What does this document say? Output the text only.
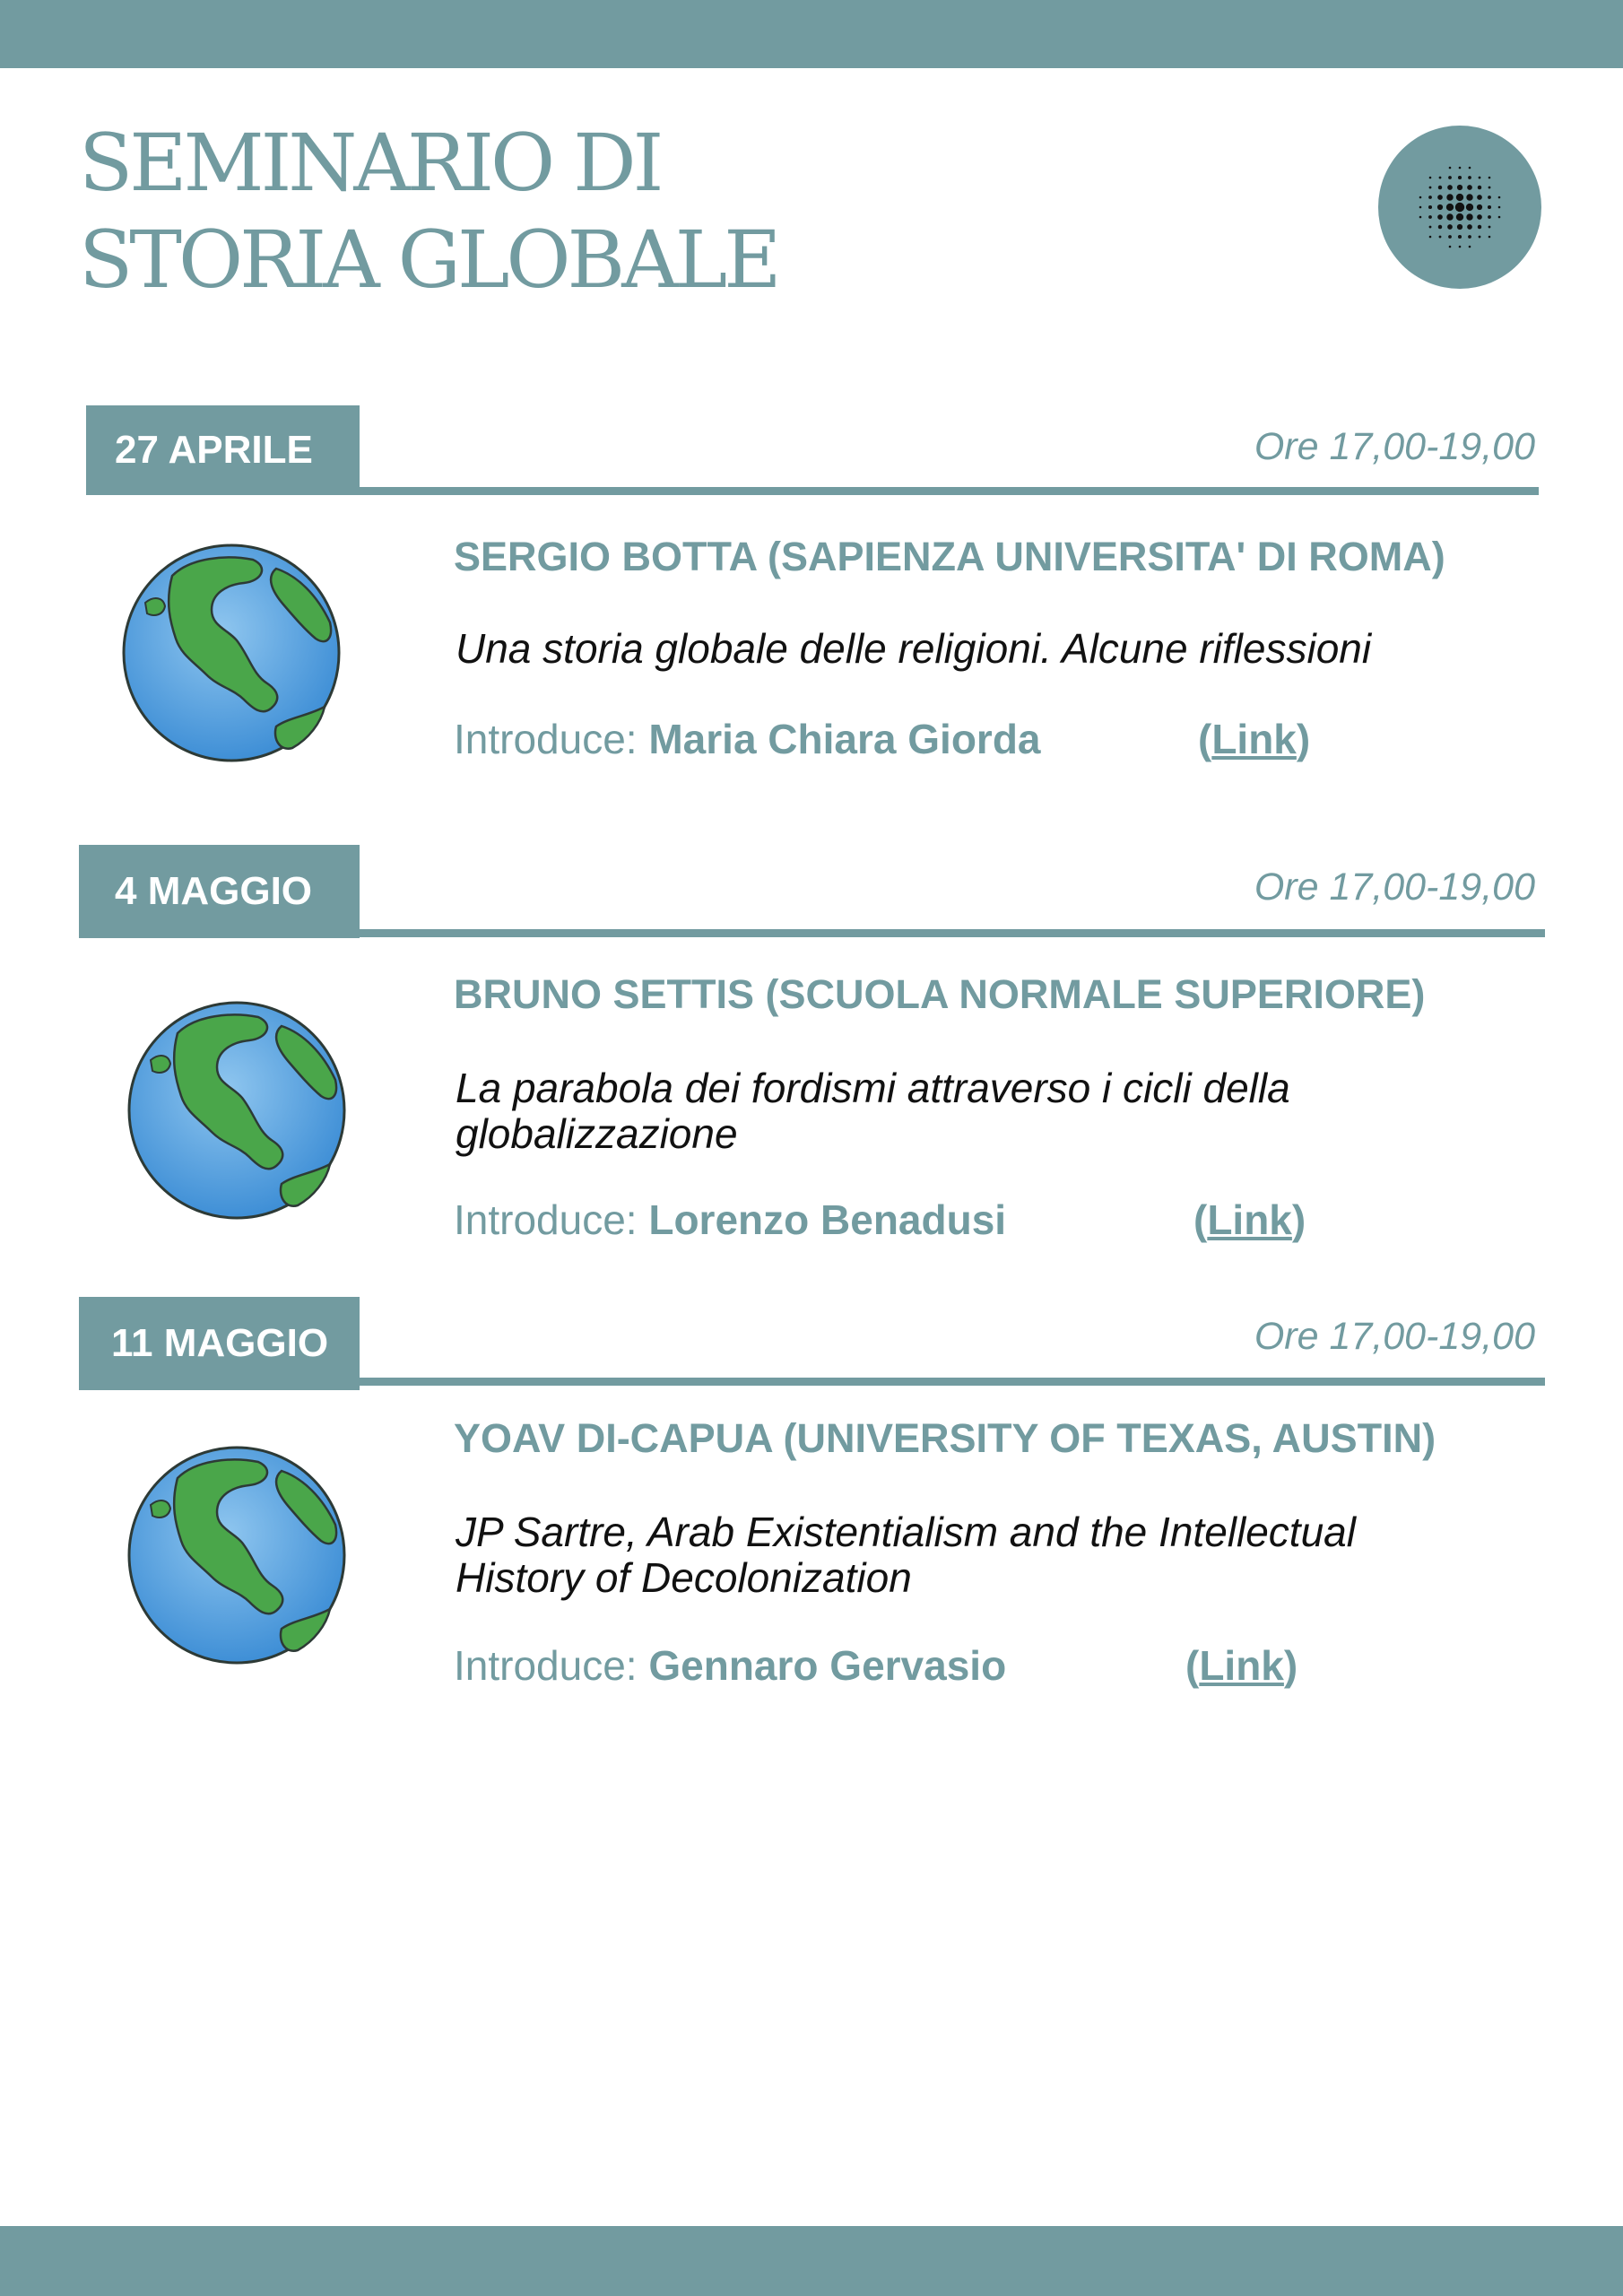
SEMINARIO DI
STORIA GLOBALE
27 APRILE	Ore 17,00-19,00
SERGIO BOTTA (SAPIENZA UNIVERSITA' DI ROMA)
Una storia globale delle religioni. Alcune riflessioni
Introduce: Maria Chiara Giorda	(Link)
4 MAGGIO	Ore 17,00-19,00
BRUNO SETTIS (SCUOLA NORMALE SUPERIORE)
La parabola dei fordismi attraverso i cicli della globalizzazione
Introduce: Lorenzo Benadusi	(Link)
11 MAGGIO	Ore 17,00-19,00
YOAV DI-CAPUA (UNIVERSITY OF TEXAS, AUSTIN)
JP Sartre, Arab Existentialism and the Intellectual History of Decolonization
Introduce: Gennaro Gervasio	(Link)
